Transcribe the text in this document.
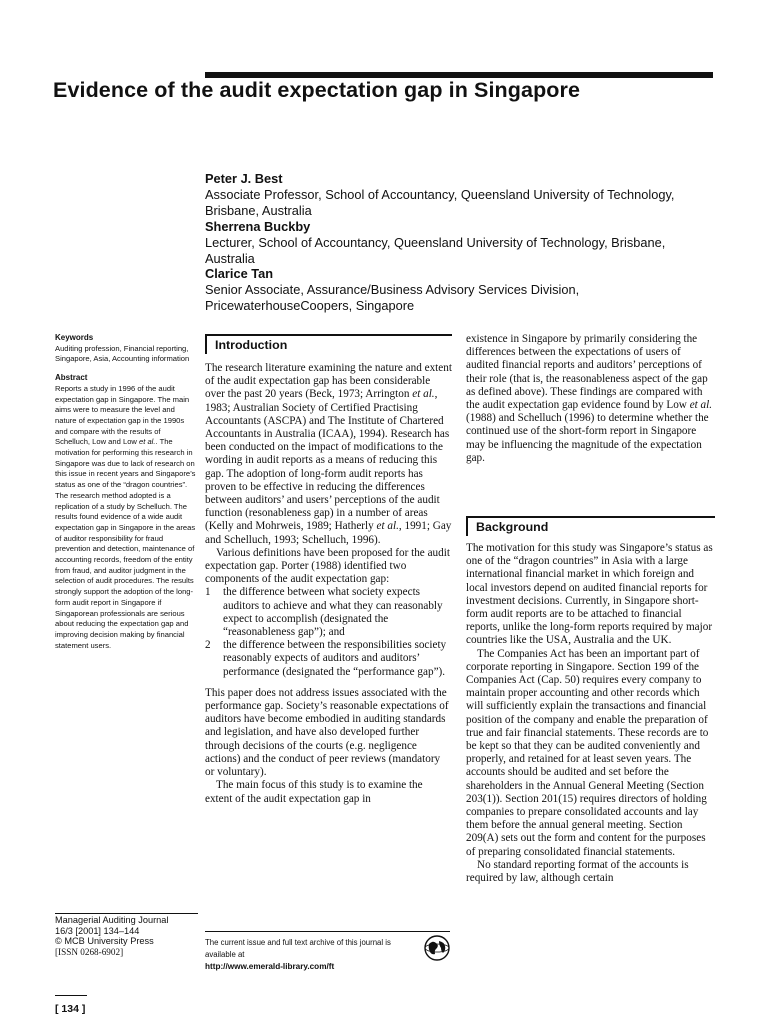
Evidence of the audit expectation gap in Singapore
Peter J. Best
Associate Professor, School of Accountancy, Queensland University of Technology, Brisbane, Australia
Sherrena Buckby
Lecturer, School of Accountancy, Queensland University of Technology, Brisbane, Australia
Clarice Tan
Senior Associate, Assurance/Business Advisory Services Division, PricewaterhouseCoopers, Singapore
Keywords
Auditing profession, Financial reporting, Singapore, Asia, Accounting information
Abstract
Reports a study in 1996 of the audit expectation gap in Singapore. The main aims were to measure the level and nature of expectation gap in the 1990s and compare with the results of Schelluch, Low and Low et al.. The motivation for performing this research in Singapore was due to lack of research on this issue in recent years and Singapore’s status as one of the “dragon countries”. The research method adopted is a replication of a study by Schelluch. The results found evidence of a wide audit expectation gap in Singapore in the areas of auditor responsibility for fraud prevention and detection, maintenance of accounting records, freedom of the entity from fraud, and auditor judgment in the selection of audit procedures. The results strongly support the adoption of the long-form audit report in Singapore if Singaporean professionals are serious about reducing the expectation gap and improving decision making by financial statement users.
Introduction

The research literature examining the nature and extent of the audit expectation gap has been considerable over the past 20 years (Beck, 1973; Arrington et al., 1983; Australian Society of Certified Practising Accountants (ASCPA) and The Institute of Chartered Accountants in Australia (ICAA), 1994). Research has been conducted on the impact of modifications to the wording in audit reports as a means of reducing this gap. The adoption of long-form audit reports has proven to be effective in reducing the differences between auditors’ and users’ perceptions of the audit function (resonableness gap) in a number of areas (Kelly and Mohrweis, 1989; Hatherly et al., 1991; Gay and Schelluch, 1993; Schelluch, 1996).

Various definitions have been proposed for the audit expectation gap. Porter (1988) identified two components of the audit expectation gap:

1 the difference between what society expects auditors to achieve and what they can reasonably expect to accomplish (designated the “reasonableness gap”); and
2 the difference between the responsibilities society reasonably expects of auditors and auditors’ performance (designated the “performance gap”).

This paper does not address issues associated with the performance gap. Society’s reasonable expectations of auditors have become embodied in auditing standards and legislation, and have also developed further through decisions of the courts (e.g. negligence actions) and the conduct of peer reviews (mandatory or voluntary).

The main focus of this study is to examine the extent of the audit expectation gap in

existence in Singapore by primarily considering the differences between the expectations of users of audited financial reports and auditors’ perceptions of their role (that is, the reasonableness aspect of the gap as defined above). These findings are compared with the audit expectation gap evidence found by Low et al. (1988) and Schelluch (1996) to determine whether the continued use of the short-form report in Singapore may be influencing the magnitude of the expectation gap.

Background

The motivation for this study was Singapore’s status as one of the “dragon countries” in Asia with a large international financial market in which foreign and local investors depend on audited financial reports for investment decisions. Currently, in Singapore short-form audit reports are to be attached to financial reports, unlike the long-form reports required by major countries like the USA, Australia and the UK.

The Companies Act has been an important part of corporate reporting in Singapore. Section 199 of the Companies Act (Cap. 50) requires every company to maintain proper accounting and other records which will sufficiently explain the transactions and financial position of the company and enable the preparation of true and fair financial statements. These records are to be kept so that they can be audited conveniently and properly, and retained for at least seven years. The accounts should be audited and set before the shareholders in the Annual General Meeting (Section 203(1)). Section 201(15) requires directors of holding companies to prepare consolidated accounts and lay them before the annual general meeting. Section 209(A) sets out the form and content for the purposes of preparing consolidated financial statements.

No standard reporting format of the accounts is required by law, although certain

Managerial Auditing Journal
16/3 [2001] 134–144
© MCB University Press
[ISSN 0268-6902]
The current issue and full text archive of this journal is available at
http://www.emerald-library.com/ft
[ 134 ]
